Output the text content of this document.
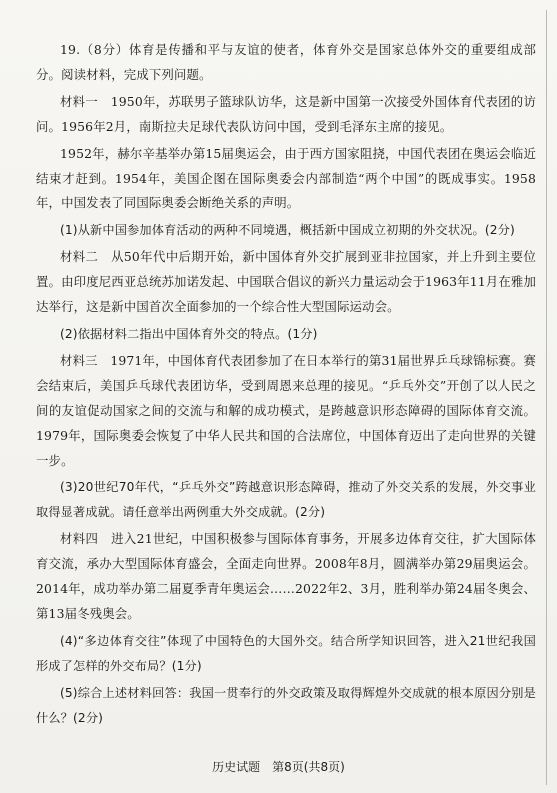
19.（8分）体育是传播和平与友谊的使者，体育外交是国家总体外交的重要组成部分。阅读材料，完成下列问题。

材料一　1950年，苏联男子篮球队访华，这是新中国第一次接受外国体育代表团的访问。1956年2月，南斯拉夫足球代表队访问中国，受到毛泽东主席的接见。

1952年，赫尔辛基举办第15届奥运会，由于西方国家阻挠，中国代表团在奥运会临近结束才赶到。1954年，美国企图在国际奥委会内部制造“两个中国”的既成事实。1958年，中国发表了同国际奥委会断绝关系的声明。

(1)从新中国参加体育活动的两种不同境遇，概括新中国成立初期的外交状况。(2分)

材料二　从50年代中后期开始，新中国体育外交扩展到亚非拉国家，并上升到主要位置。由印度尼西亚总统苏加诺发起、中国联合倡议的新兴力量运动会于1963年11月在雅加达举行，这是新中国首次全面参加的一个综合性大型国际运动会。

(2)依据材料二指出中国体育外交的特点。(1分)

材料三　1971年，中国体育代表团参加了在日本举行的第31届世界乒乓球锦标赛。赛会结束后，美国乒乓球代表团访华，受到周恩来总理的接见。“乒乓外交”开创了以人民之间的友谊促动国家之间的交流与和解的成功模式，是跨越意识形态障碍的国际体育交流。1979年，国际奥委会恢复了中华人民共和国的合法席位，中国体育迈出了走向世界的关键一步。

(3)20世纪70年代，“乒乓外交”跨越意识形态障碍，推动了外交关系的发展，外交事业取得显著成就。请任意举出两例重大外交成就。(2分)

材料四　进入21世纪，中国积极参与国际体育事务，开展多边体育交往，扩大国际体育交流，承办大型国际体育盛会，全面走向世界。2008年8月，圆满举办第29届奥运会。2014年，成功举办第二届夏季青年奥运会……2022年2、3月，胜利举办第24届冬奥会、第13届冬残奥会。

(4)“多边体育交往”体现了中国特色的大国外交。结合所学知识回答，进入21世纪我国形成了怎样的外交布局？(1分)

(5)综合上述材料回答：我国一贯奉行的外交政策及取得辉煌外交成就的根本原因分别是什么？(2分)

历史试题　第8页(共8页)
